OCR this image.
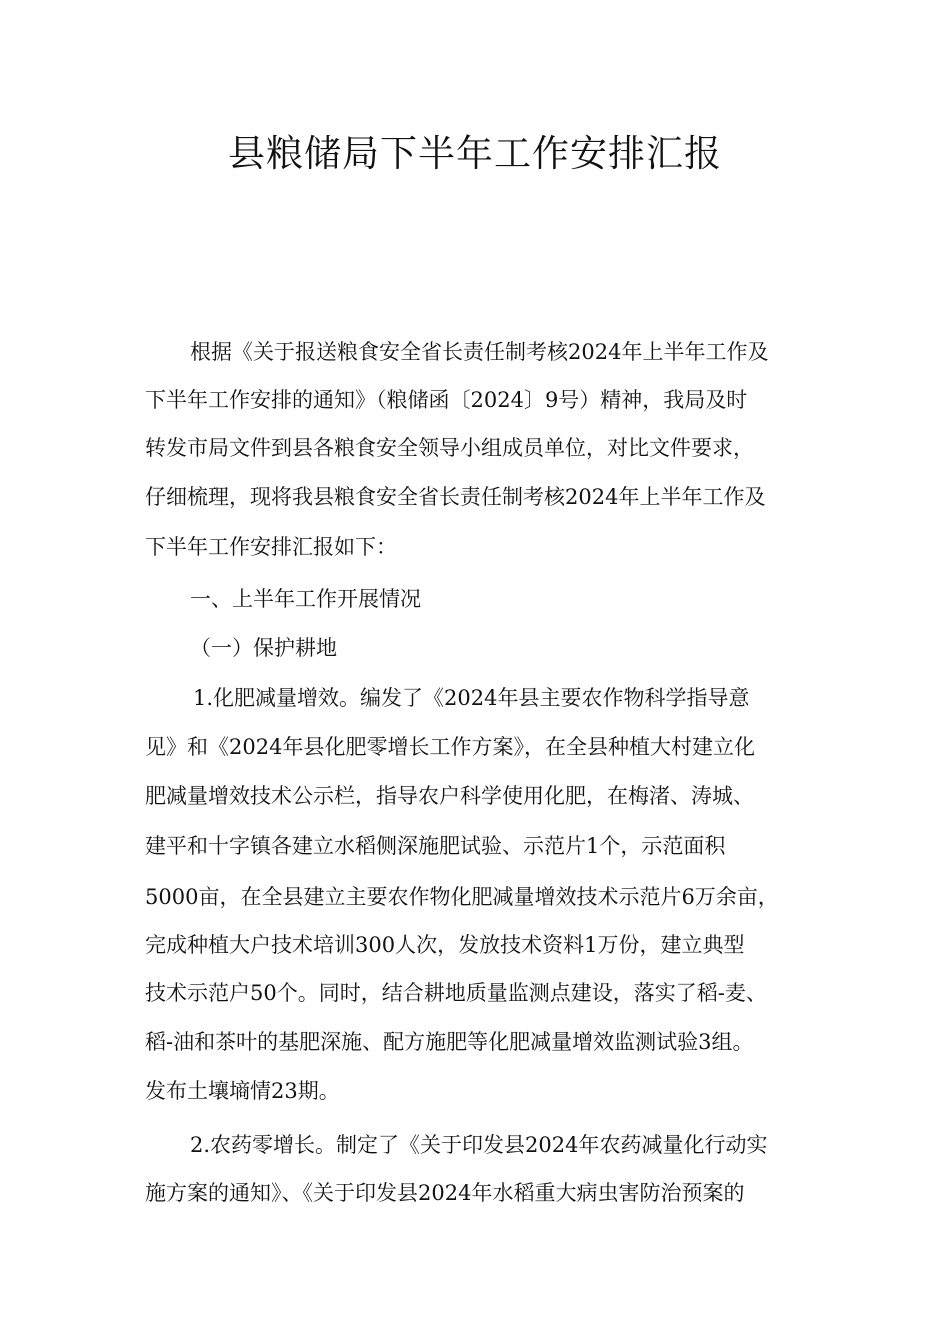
县粮储局下半年工作安排汇报
根据《关于报送粮食安全省长责任制考核2024年上半年工作及
下半年工作安排的通知》（粮储函〔2024〕9号）精神，我局及时
转发市局文件到县各粮食安全领导小组成员单位，对比文件要求，
仔细梳理，现将我县粮食安全省长责任制考核2024年上半年工作及
下半年工作安排汇报如下：
一、上半年工作开展情况
（一）保护耕地
1.化肥减量增效。编发了《2024年县主要农作物科学指导意
见》和《2024年县化肥零增长工作方案》，在全县种植大村建立化
肥减量增效技术公示栏，指导农户科学使用化肥，在梅渚、涛城、
建平和十字镇各建立水稻侧深施肥试验、示范片1个，示范面积
5000亩，在全县建立主要农作物化肥减量增效技术示范片6万余亩，
完成种植大户技术培训300人次，发放技术资料1万份，建立典型
技术示范户50个。同时，结合耕地质量监测点建设，落实了稻-麦、
稻-油和茶叶的基肥深施、配方施肥等化肥减量增效监测试验3组。
发布土壤墒情23期。
2.农药零增长。制定了《关于印发县2024年农药减量化行动实
施方案的通知》、《关于印发县2024年水稻重大病虫害防治预案的
